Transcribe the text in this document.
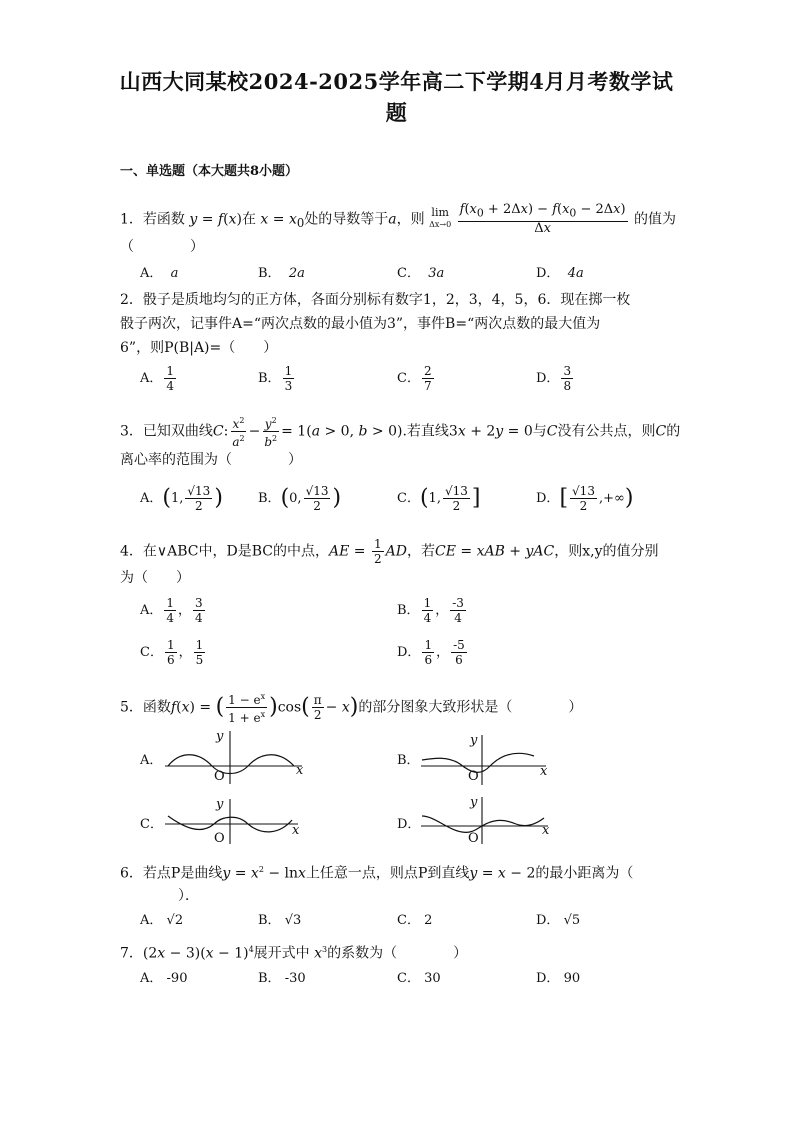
山西大同某校2024-2025学年高二下学期4月月考数学试
题
一、单选题（本大题共8小题）
1．若函数 y = f(x)在 $x = x_0$处的导数等于a，则 lim
Δx→0
$\frac{f(x_0 + 2\Delta x) - f(x_0 - 2\Delta x)}{\Delta x}$ 的值为
（　　　　）
A． a	B． 2a	C． 3a	D． 4a
2．骰子是质地均匀的正方体，各面分别标有数字1，2，3，4，5，6．现在掷一枚
骰子两次，记事件A=“两次点数的最小值为3”，事件B=“两次点数的最大值为
6”，则P(B|A)=（　　）
A． $\frac{1}{4}$	B． $\frac{1}{3}$	C． $\frac{2}{7}$	D． $\frac{3}{8}$
3．已知双曲线C: $\frac{x^2}{a^2} - \frac{y^2}{b^2} = 1(a > 0$, b > 0).若直线3x + 2y = 0与C没有公共点，则C的
离心率的范围为（　　　　）
A．(1, $\frac{√13}{2}$ )	B．(0, $\frac{√13}{2}$ )	C．(1, $\frac{√13}{2}$ ]	D．[ $\frac{√13}{2}$ ,+∞)
4．在∨ABC中，D是BC的中点，AE = $\frac{1}{2}$ AD，若CE = xAB + yAC，则x,y的值分别
为（　　）
A． $\frac{1}{4}$ ， $\frac{3}{4}$	B． $\frac{1}{4}$ ， $\frac{-3}{4}$
C． $\frac{1}{6}$ ， $\frac{1}{5}$	D． $\frac{1}{6}$ ， $\frac{-5}{6}$
5．函数f(x) = ( $\frac{1 - e^x}{1 + e^x} )\cos( \frac{\pi}{2} - x)$的部分图象大致形状是（　　　　）
A．
y
x
O
B．
y
x
O
C．
y
x
O
D．
y
x
O
6．若点P是曲线$y = x^2 - \ln x$上任意一点，则点P到直线y = x − 2的最小距离为（
）．
A． √2	B． √3	C． 2	D． √5
7．$(2x - 3)(x - 1)^4$展开式中 $x^3$的系数为（　　　　）
A． -90	B． -30	C． 30	D． 90
